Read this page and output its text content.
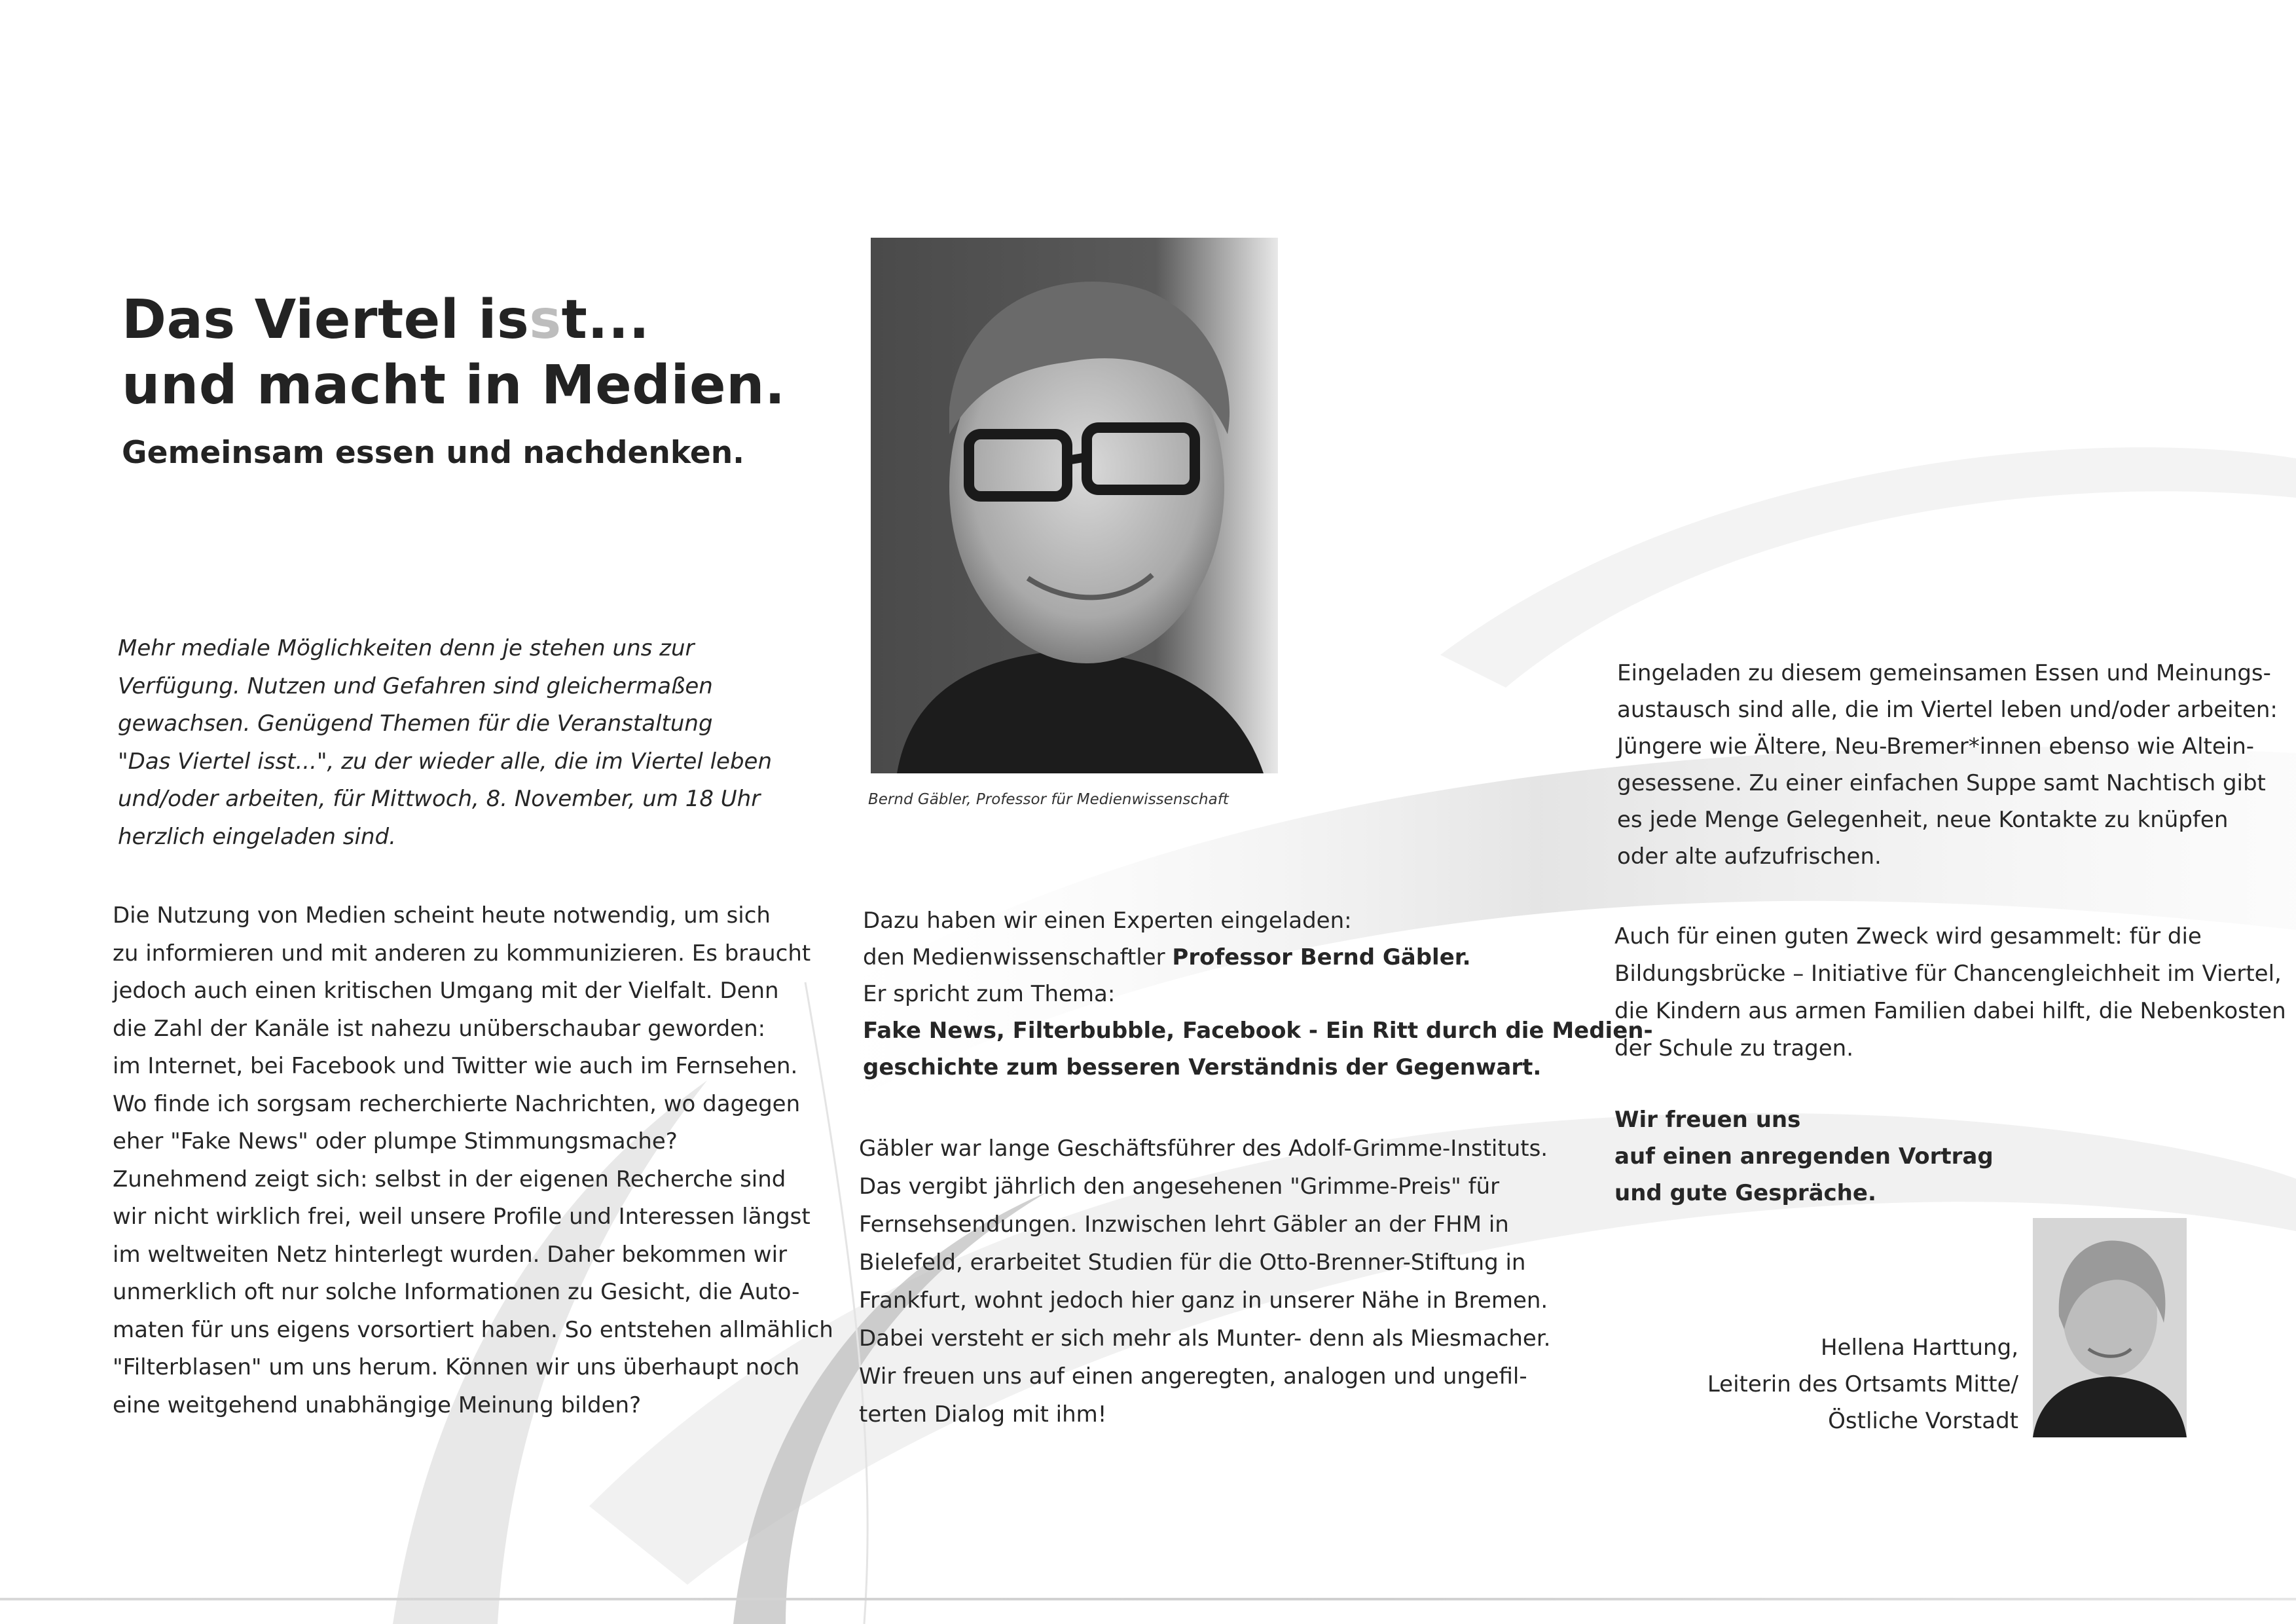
Das Viertel isst...
und macht in Medien.
Gemeinsam essen und nachdenken.
Mehr mediale Möglichkeiten denn je stehen uns zur
Verfügung. Nutzen und Gefahren sind gleichermaßen
gewachsen. Genügend Themen für die Veranstaltung
"Das Viertel isst...", zu der wieder alle, die im Viertel leben
und/oder arbeiten, für Mittwoch, 8. November, um 18 Uhr
herzlich eingeladen sind.
Die Nutzung von Medien scheint heute notwendig, um sich
zu informieren und mit anderen zu kommunizieren. Es braucht
jedoch auch einen kritischen Umgang mit der Vielfalt. Denn
die Zahl der Kanäle ist nahezu unüberschaubar geworden:
im Internet, bei Facebook und Twitter wie auch im Fernsehen.
Wo finde ich sorgsam recherchierte Nachrichten, wo dagegen
eher "Fake News" oder plumpe Stimmungsmache?
Zunehmend zeigt sich: selbst in der eigenen Recherche sind
wir nicht wirklich frei, weil unsere Profile und Interessen längst
im weltweiten Netz hinterlegt wurden. Daher bekommen wir
unmerklich oft nur solche Informationen zu Gesicht, die Auto-
maten für uns eigens vorsortiert haben. So entstehen allmählich
"Filterblasen" um uns herum. Können wir uns überhaupt noch
eine weitgehend unabhängige Meinung bilden?
Bernd Gäbler, Professor für Medienwissenschaft
Dazu haben wir einen Experten eingeladen:
den Medienwissenschaftler Professor Bernd Gäbler.
Er spricht zum Thema:
Fake News, Filterbubble, Facebook - Ein Ritt durch die Medien-
geschichte zum besseren Verständnis der Gegenwart.
Gäbler war lange Geschäftsführer des Adolf-Grimme-Instituts.
Das vergibt jährlich den angesehenen "Grimme-Preis" für
Fernsehsendungen. Inzwischen lehrt Gäbler an der FHM in
Bielefeld, erarbeitet Studien für die Otto-Brenner-Stiftung in
Frankfurt, wohnt jedoch hier ganz in unserer Nähe in Bremen.
Dabei versteht er sich mehr als Munter- denn als Miesmacher.
Wir freuen uns auf einen angeregten, analogen und ungefil-
terten Dialog mit ihm!
Eingeladen zu diesem gemeinsamen Essen und Meinungs-
austausch sind alle, die im Viertel leben und/oder arbeiten:
Jüngere wie Ältere, Neu-Bremer*innen ebenso wie Altein-
gesessene. Zu einer einfachen Suppe samt Nachtisch gibt
es jede Menge Gelegenheit, neue Kontakte zu knüpfen
oder alte aufzufrischen.
Auch für einen guten Zweck wird gesammelt: für die
Bildungsbrücke – Initiative für Chancengleichheit im Viertel,
die Kindern aus armen Familien dabei hilft, die Nebenkosten
der Schule zu tragen.
Wir freuen uns
auf einen anregenden Vortrag
und gute Gespräche.
Hellena Harttung,
Leiterin des Ortsamts Mitte/
Östliche Vorstadt
